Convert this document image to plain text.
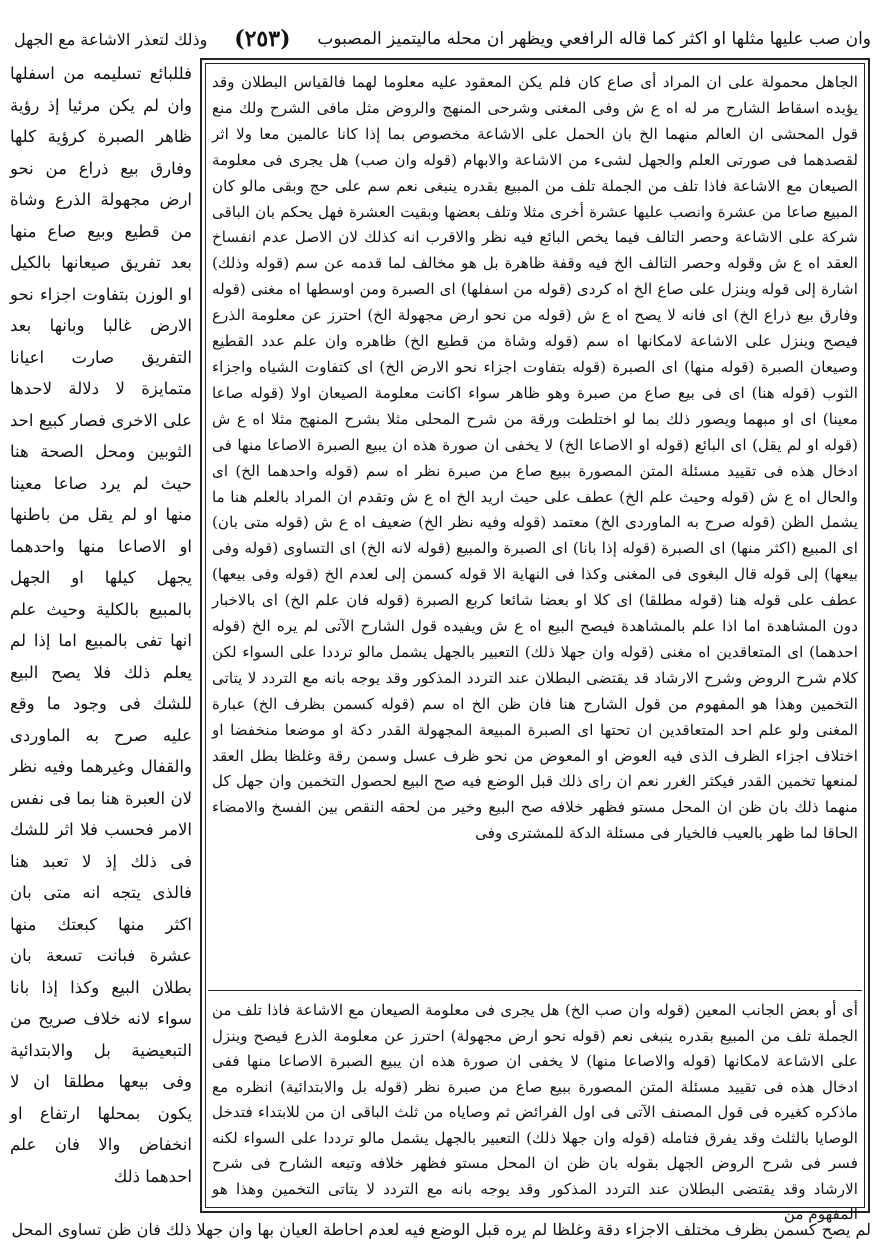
وان صب عليها مثلها او اكثر كما قاله الرافعي ويظهر ان محله ماليتميز المصبوب
(٢٥٣)
وذلك لتعذر الاشاعة مع الجهل

فللبائع تسليمه من اسفلها وان لم يكن مرئيا إذ رؤية ظاهر الصبرة كرؤية كلها وفارق بيع ذراع من نحو ارض مجهولة الذرع وشاة من قطيع وبيع صاع منها بعد تفريق صيعانها بالكيل او الوزن بتفاوت اجزاء نحو الارض غالبا وبانها بعد التفريق صارت اعيانا متمايزة لا دلالة لاحدها على الاخرى فصار كبيع احد الثوبين ومحل الصحة هنا حيث لم يرد صاعا معينا منها او لم يقل من باطنها او الاصاعا منها واحدهما يجهل كيلها او الجهل بالمبيع بالكلية وحيث علم انها تفى بالمبيع اما إذا لم يعلم ذلك فلا يصح البيع للشك فى وجود ما وقع عليه صرح به الماوردى والقفال وغيرهما وفيه نظر لان العبرة هنا بما فى نفس الامر فحسب فلا اثر للشك فى ذلك إذ لا تعبد هنا فالذى يتجه انه متى بان اكثر منها كبعتك منها عشرة فبانت تسعة بان بطلان البيع وكذا إذا بانا سواء لانه خلاف صريح من التبعيضية بل والابتدائية وفى بيعها مطلقا ان لا يكون بمحلها ارتفاع او انخفاض والا فان علم احدهما ذلك

الجاهل محمولة على ان المراد أى صاع كان فلم يكن المعقود عليه معلوما لهما فالقياس البطلان وقد يؤيده اسقاط الشارح مر له اه ع ش وفى المغنى وشرحى المنهج والروض مثل مافى الشرح ولك منع قول المحشى ان العالم منهما الخ بان الحمل على الاشاعة مخصوص بما إذا كانا عالمين معا ولا اثر لقصدهما فى صورتى العلم والجهل لشىء من الاشاعة والابهام (قوله وان صب) هل يجرى فى معلومة الصيعان مع الاشاعة فاذا تلف من الجملة تلف من المبيع بقدره ينبغى نعم سم على حج وبقى مالو كان المبيع صاعا من عشرة وانصب عليها عشرة أخرى مثلا وتلف بعضها وبقيت العشرة فهل يحكم بان الباقى شركة على الاشاعة وحصر التالف فيما يخص البائع فيه نظر والاقرب انه كذلك لان الاصل عدم انفساخ العقد اه ع ش وقوله وحصر التالف الخ فيه وقفة ظاهرة بل هو مخالف لما قدمه عن سم (قوله وذلك) اشارة إلى قوله وينزل على صاع الخ اه كردى (قوله من اسفلها) اى الصبرة ومن اوسطها اه مغنى (قوله وفارق بيع ذراع الخ) اى فانه لا يصح اه ع ش (قوله من نحو ارض مجهولة الخ) احترز عن معلومة الذرع فيصح وينزل على الاشاعة لامكانها اه سم (قوله وشاة من قطيع الخ) ظاهره وان علم عدد القطيع وصيعان الصبرة (قوله منها) اى الصبرة (قوله بتفاوت اجزاء نحو الارض الخ) اى كتفاوت الشياه واجزاء الثوب (قوله هنا) اى فى بيع صاع من صبرة وهو ظاهر سواء اكانت معلومة الصيعان اولا (قوله صاعا معينا) اى او مبهما ويصور ذلك بما لو اختلطت ورقة من شرح المحلى مثلا بشرح المنهج مثلا اه ع ش (قوله او لم يقل) اى البائع (قوله او الاصاعا الخ) لا يخفى ان صورة هذه ان يبيع الصبرة الاصاعا منها فى ادخال هذه فى تقييد مسئلة المتن المصورة ببيع صاع من صبرة نظر اه سم (قوله واحدهما الخ) اى والحال اه ع ش (قوله وحيث علم الخ) عطف على حيث اريد الخ اه ع ش وتقدم ان المراد بالعلم هنا ما يشمل الظن (قوله صرح به الماوردى الخ) معتمد (قوله وفيه نظر الخ) ضعيف اه ع ش (قوله متى بان) اى المبيع (اكثر منها) اى الصبرة (قوله إذا بانا) اى الصبرة والمبيع (قوله لانه الخ) اى التساوى (قوله وفى بيعها) إلى قوله قال البغوى فى المغنى وكذا فى النهاية الا قوله كسمن إلى لعدم الخ (قوله وفى بيعها) عطف على قوله هنا (قوله مطلقا) اى كلا او بعضا شائعا كربع الصبرة (قوله فان علم الخ) اى بالاخبار دون المشاهدة اما اذا علم بالمشاهدة فيصح البيع اه ع ش ويفيده قول الشارح الآتى لم يره الخ (قوله احدهما) اى المتعاقدين اه مغنى (قوله وان جهلا ذلك) التعبير بالجهل يشمل مالو ترددا على السواء لكن كلام شرح الروض وشرح الارشاد قد يقتضى البطلان عند التردد المذكور وقد يوجه بانه مع التردد لا يتاتى التخمين وهذا هو المفهوم من قول الشارح هنا فان ظن الخ اه سم (قوله كسمن بظرف الخ) عبارة المغنى ولو علم احد المتعاقدين ان تحتها اى الصبرة المبيعة المجهولة القدر دكة او موضعا منخفضا او اختلاف اجزاء الظرف الذى فيه العوض او المعوض من نحو ظرف عسل وسمن رقة وغلظا بطل العقد لمنعها تخمين القدر فيكثر الغرر نعم ان راى ذلك قبل الوضع فيه صح البيع لحصول التخمين وان جهل كل منهما ذلك بان ظن ان المحل مستو فظهر خلافه صح البيع وخير من لحقه النقص بين الفسخ والامضاء الحاقا لما ظهر بالعيب فالخيار فى مسئلة الدكة للمشترى وفى

أى أو بعض الجانب المعين (قوله وان صب الخ) هل يجرى فى معلومة الصيعان مع الاشاعة فاذا تلف من الجملة تلف من المبيع بقدره ينبغى نعم (قوله نحو ارض مجهولة) احترز عن معلومة الذرع فيصح وينزل على الاشاعة لامكانها (قوله والاصاعا منها) لا يخفى ان صورة هذه ان يبيع الصبرة الاصاعا منها ففى ادخال هذه فى تقييد مسئلة المتن المصورة ببيع صاع من صبرة نظر (قوله بل والابتدائية) انظره مع ماذكره كغيره فى قول المصنف الآتى فى اول الفرائض ثم وصاياه من ثلث الباقى ان من للابتداء فتدخل الوصايا بالثلث وقد يفرق فتامله (قوله وان جهلا ذلك) التعبير بالجهل يشمل مالو ترددا على السواء لكنه فسر فى شرح الروض الجهل بقوله بان ظن ان المحل مستو فظهر خلافه وتبعه الشارح فى شرح الارشاد وقد يقتضى البطلان عند التردد المذكور وقد يوجه بانه مع التردد لا يتاتى التخمين وهذا هو المفهوم من

لم يصح كسمن بظرف مختلف الاجزاء دقة وغلظا لم يره قبل الوضع فيه لعدم احاطة العيان بها وان جهلا ذلك فان ظن تساوى المحل
